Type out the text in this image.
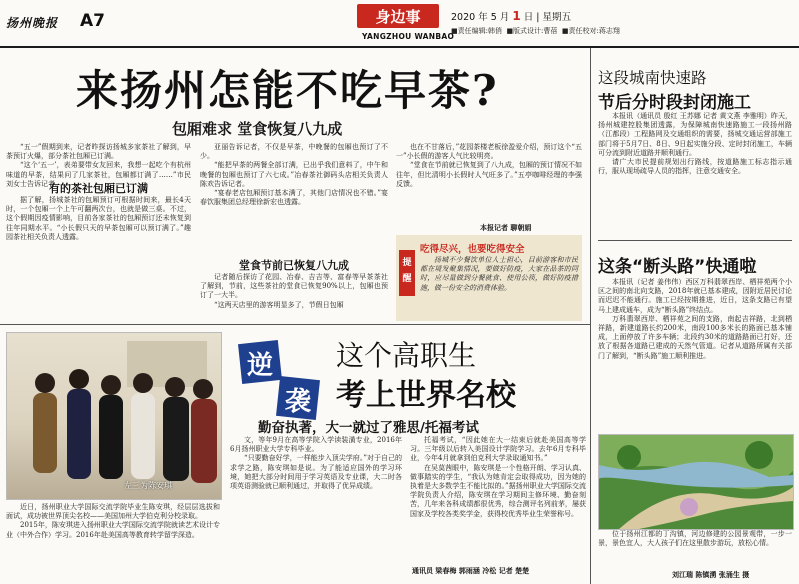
扬州晚报 A7	身边事
YANGZHOU WANBAO
2020 年 5 月 1 日 | 星期五
■责任编辑:韩俏 ■版式设计:曹蓓 ■责任校对:蒋志翔
来扬州怎能不吃早茶?
包厢难求 堂食恢复八九成

“五一”假期到来，记者昨探访扬城多家茶社了解到，早茶预订火爆，部分茶社包厢已订满。

“这个‘五一’，表弟要带女友回来，我想一起吃个有杭州味道的早茶，结果问了几家茶社，包厢都订满了……”市民刘女士告诉记者。

有的茶社包厢已订满

据了解，扬城茶社的包厢预订可根据时间来，最长4天时，一个包厢一个上午可翻两次台，也就是做三桌。不过，这个假期因疫情影响，目前各家茶社的包厢预订还未恢复到往年同期水平。“小长假只天的早茶包厢可以预订满了。”趣园茶社相关负责人透露。

亚丽告诉记者，不仅是早茶，中晚餐的包厢也预订了不少。

“能把早茶的两餐全部订满，已出乎我们意料了，中午和晚餐的包厢也预订了六七成。”冶春茶社御码头店相关负责人陈欢告诉记者。

“宴春老店包厢预订基本满了，其他门店情况也不错。”宴春饮服集团总经理徐新宏也透露。

堂食节前已恢复八九成

记者随后探访了花园、冶春、吉吉等、富春等早茶茶社了解到，节前，这些茶社的堂食已恢复90%以上，包厢也预订了一大半。

“这两天店里的游客明显多了，节假日包厢

也在不甘落后，”花园茶楼老板徐盈爱介绍，预订这个“五一”小长假的游客人气比较明亮。

“堂食在节前就已恢复到了八九成，包厢的预订情况不如往年，但比清明小长假时人气旺多了。”五亭咖啡经理的李强反馈。

本报记者 聊朝娟
提醒
吃得尽兴，也要吃得安全

扬城不少餐饮单位人士担心，目前游客和市民都在境发聚集情况，要做好防疫，大家在品茶的同时，应尽量做到分餐就食、使用公筷，做好防疫措施，做一份安全的消费体验。

左三为陈安琪
逆
袭
这个高职生
考上世界名校
勤奋执著，大一就过了雅思/托福考试

近日，扬州职业大学国际交流学院毕业生陈安琪，经层层选拔和面试，成功被世界顶尖名校——美国加州大学伯克利分校录取。

2015年，陈安琪进入扬州职业大学国际交流学院就读艺术设计专业（中外合作）学习。2016年赴美国高等教育转学留学深造。

文，等年9月在高等学院入学读装潢专业，2016年6月扬州职业大学专科毕业。

“只要勤奋好学，一样能步入顶尖学府。”对于自己的求学之路，陈安琪如是说。为了能适应国外的学习环境，她把大部分时间用于学习英语及专业课，大二时各项英语测验就已顺利通过，并取得了优异成绩。

托福考试，“因此她在大一结束后就赴美国高等学习。三年级以后转入美国设计学院学习。去年6月专科毕业，今年4月就拿到伯克利大学录取通知书。”

在吴莫茜眼中，陈安琪是一个性格开朗、学习认真、做事踏实的学生，“我认为她肯定会取得成功，因为她的执着是大多数学生不能比拟的。”据扬州职业大学国际交流学院负责人介绍，陈安琪在学习期间主修环境、勤奋刻苦，几年来各科成绩都很优秀，综合测评名列前茅，屡获国家及学校各类奖学金，获得校优秀毕业生荣誉称号。

通讯员 梁春梅 郭雨涵 冷松 记者 楚楚
这段城南快速路
节后分时段封闭施工

本报讯（通讯员 殷红 王苏娜 记者 黄文燕 李雅明）昨天，扬州城建控股集团透露，为保障城南快速路施工一段扬州路（江都段）工程路网及交通组织的需要，扬城交通运营部施工部门将于5月7日、8日、9日起实施分段、定时封闭施工，车辆可分流到附近道路并顺利通行。

请广大市民提前规划出行路线，按道路施工标志指示通行，服从现场疏导人员的指挥，注意交通安全。

这条“断头路”快通啦

本报讯（记者 姜伟伟）西区万科翡翠西岸、栖祥苑两个小区之间的南北向支路，2018年就已基本建成，因附近居民讨论而迟迟不能通行。施工已经按期推进，近日，这条支路已有望马上建成通车，成为“断头路”终结点。

万科翡翠西岸、栖祥苑之间的支路，南起吉祥路，北到栖祥路，新建道路长约200米，南段100多米长的路面已基本铺成，上面停放了许多车辆；北段约30米的道路路面已打好，还放了根据各道路已建成的天然气管道。记者从道路所属有关部门了解到，“断头路”施工顺利推进。

位于扬州江都的丁沟镇，河边修建的公园景观带，一步一景，景色宜人，大人孩子们在这里散步游玩，放松心情。

刘江瑞 陈镇湧 张涌生 摄
